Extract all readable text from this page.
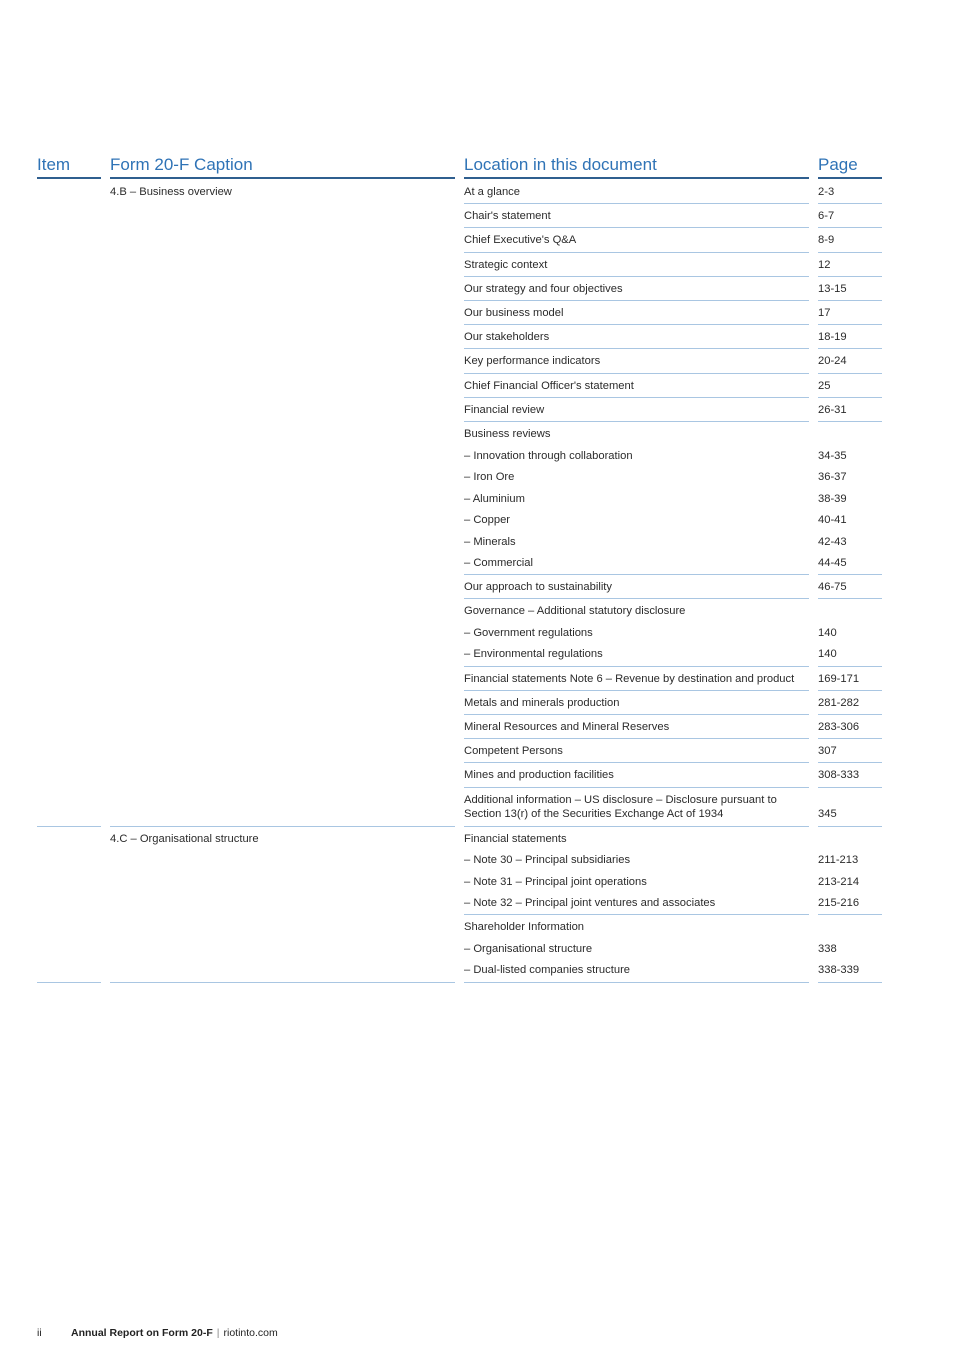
Item	Form 20-F Caption	Location in this document	Page
4.B – Business overview	At a glance	2-3
Chair's statement	6-7
Chief Executive's Q&A	8-9
Strategic context	12
Our strategy and four objectives	13-15
Our business model	17
Our stakeholders	18-19
Key performance indicators	20-24
Chief Financial Officer's statement	25
Financial review	26-31
Business reviews
– Innovation through collaboration	34-35
– Iron Ore	36-37
– Aluminium	38-39
– Copper	40-41
– Minerals	42-43
– Commercial	44-45
Our approach to sustainability	46-75
Governance – Additional statutory disclosure
– Government regulations	140
– Environmental regulations	140
Financial statements Note 6 – Revenue by destination and product	169-171
Metals and minerals production	281-282
Mineral Resources and Mineral Reserves	283-306
Competent Persons	307
Mines and production facilities	308-333
Additional information – US disclosure – Disclosure pursuant to
Section 13(r) of the Securities Exchange Act of 1934	345
4.C – Organisational structure	Financial statements
– Note 30 – Principal subsidiaries	211-213
– Note 31 – Principal joint operations	213-214
– Note 32 – Principal joint ventures and associates	215-216
Shareholder Information
– Organisational structure	338
– Dual-listed companies structure	338-339
ii	Annual Report on Form 20-F | riotinto.com
